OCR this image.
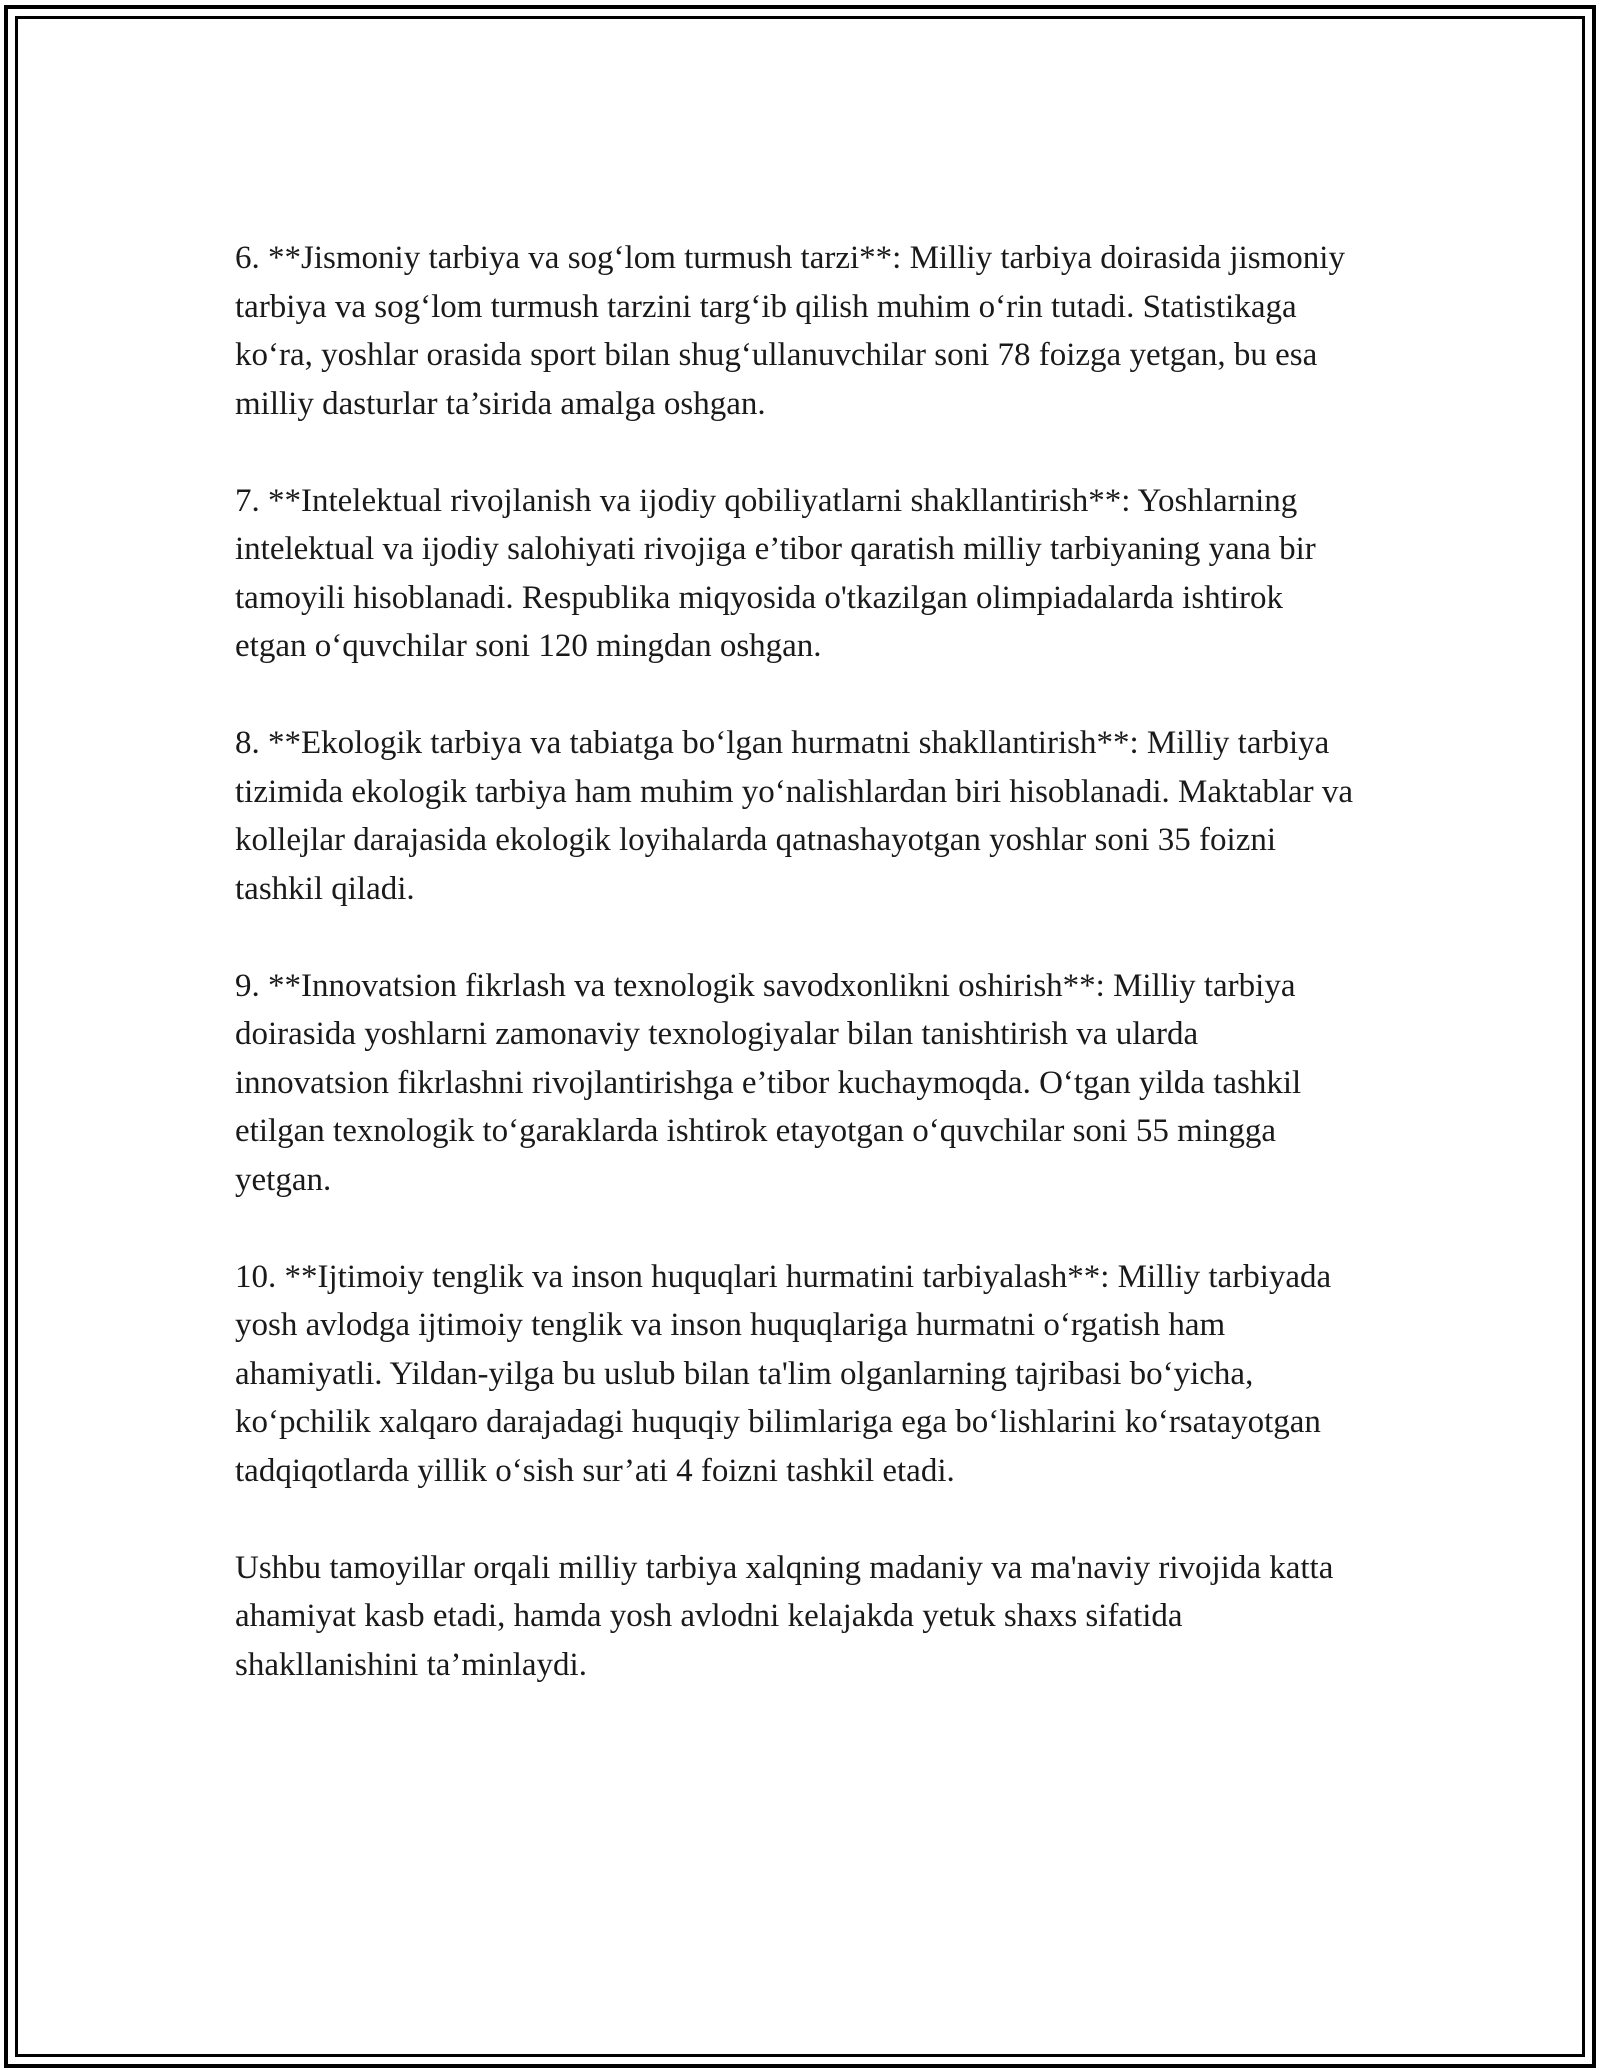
6. **Jismoniy tarbiya va sog‘lom turmush tarzi**: Milliy tarbiya doirasida jismoniy tarbiya va sog‘lom turmush tarzini targ‘ib qilish muhim o‘rin tutadi. Statistikaga ko‘ra, yoshlar orasida sport bilan shug‘ullanuvchilar soni 78 foizga yetgan, bu esa milliy dasturlar ta’sirida amalga oshgan.

7. **Intelektual rivojlanish va ijodiy qobiliyatlarni shakllantirish**: Yoshlarning intelektual va ijodiy salohiyati rivojiga e’tibor qaratish milliy tarbiyaning yana bir tamoyili hisoblanadi. Respublika miqyosida o'tkazilgan olimpiadalarda ishtirok etgan o‘quvchilar soni 120 mingdan oshgan.

8. **Ekologik tarbiya va tabiatga bo‘lgan hurmatni shakllantirish**: Milliy tarbiya tizimida ekologik tarbiya ham muhim yo‘nalishlardan biri hisoblanadi. Maktablar va kollejlar darajasida ekologik loyihalarda qatnashayotgan yoshlar soni 35 foizni tashkil qiladi.

9. **Innovatsion fikrlash va texnologik savodxonlikni oshirish**: Milliy tarbiya doirasida yoshlarni zamonaviy texnologiyalar bilan tanishtirish va ularda innovatsion fikrlashni rivojlantirishga e’tibor kuchaymoqda. O‘tgan yilda tashkil etilgan texnologik to‘garaklarda ishtirok etayotgan o‘quvchilar soni 55 mingga yetgan.

10. **Ijtimoiy tenglik va inson huquqlari hurmatini tarbiyalash**: Milliy tarbiyada yosh avlodga ijtimoiy tenglik va inson huquqlariga hurmatni o‘rgatish ham ahamiyatli. Yildan-yilga bu uslub bilan ta'lim olganlarning tajribasi bo‘yicha, ko‘pchilik xalqaro darajadagi huquqiy bilimlariga ega bo‘lishlarini ko‘rsatayotgan tadqiqotlarda yillik o‘sish sur’ati 4 foizni tashkil etadi.

Ushbu tamoyillar orqali milliy tarbiya xalqning madaniy va ma'naviy rivojida katta ahamiyat kasb etadi, hamda yosh avlodni kelajakda yetuk shaxs sifatida shakllanishini ta’minlaydi.
